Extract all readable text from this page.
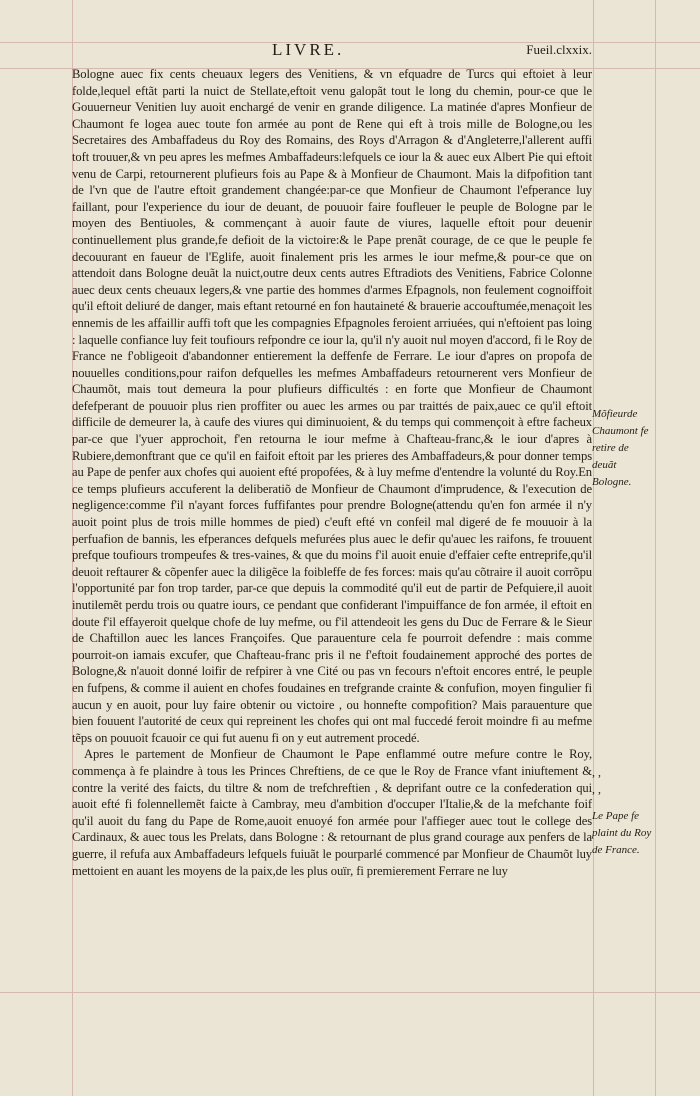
LIVRE.	Fueil.clxxix.

Bologne auec fix cents cheuaux legers des Venitiens, & vn efquadre de Turcs qui eftoiet à leur folde,lequel eftãt parti la nuict de Stellate,eftoit venu galopãt tout le long du chemin, pour-ce que le Gouuerneur Venitien luy auoit enchargé de venir en grande diligence. La matinée d'apres Monfieur de Chaumont fe logea auec toute fon armée au pont de Rene qui eft à trois mille de Bologne,ou les Secretaires des Ambaffadeus du Roy des Romains, des Roys d'Arragon & d'Angleterre,l'allerent auffi toft trouuer,& vn peu apres les mefmes Ambaffadeurs:lefquels ce iour la & auec eux Albert Pie qui eftoit venu de Carpi, retournerent plufieurs fois au Pape & à Monfieur de Chaumont. Mais la difpofition tant de l'vn que de l'autre eftoit grandement changée:par-ce que Monfieur de Chaumont l'efperance luy faillant, pour l'experience du iour de deuant, de pouuoir faire foufleuer le peuple de Bologne par le moyen des Bentiuoles, & commençant à auoir faute de viures, laquelle eftoit pour deuenir continuellement plus grande,fe defioit de la victoire:& le Pape prenãt courage, de ce que le peuple fe decouurant en faueur de l'Eglife, auoit finalement pris les armes le iour mefme,& pour-ce que on attendoit dans Bologne deuãt la nuict,outre deux cents autres Eftradiots des Venitiens, Fabrice Colonne auec deux cents cheuaux legers,& vne partie des hommes d'armes Efpagnols, non feulement cognoiffoit qu'il eftoit deliuré de danger, mais eftant retourné en fon hautaineté & brauerie accouftumée,menaçoit les ennemis de les affaillir auffi toft que les compagnies Efpagnoles feroient arriuées, qui n'eftoient pas loing : laquelle confiance luy feit toufiours refpondre ce iour la, qu'il n'y auoit nul moyen d'accord, fi le Roy de France ne f'obligeoit d'abandonner entierement la deffenfe de Ferrare. Le iour d'apres on propofa de nouuelles conditions,pour raifon defquelles les mefmes Ambaffadeurs retournerent vers Monfieur de Chaumõt, mais tout demeura la pour plufieurs difficultés : en forte que Monfieur de Chaumont defefperant de pouuoir plus rien proffiter ou auec les armes ou par traittés de paix,auec ce qu'il eftoit difficile de demeurer la, à caufe des viures qui diminuoient, & du temps qui commençoit à eftre facheux par-ce que l'yuer approchoit, f'en retourna le iour mefme à Chafteau-franc,& le iour d'apres à Rubiere,demonftrant que ce qu'il en faifoit eftoit par les prieres des Ambaffadeurs,& pour donner temps au Pape de penfer aux chofes qui auoient efté propofées, & à luy mefme d'entendre la volunté du Roy.En ce temps plufieurs accuferent la deliberatiõ de Monfieur de Chaumont d'imprudence, & l'execution de negligence:comme f'il n'ayant forces fuffifantes pour prendre Bologne(attendu qu'en fon armée il n'y auoit point plus de trois mille hommes de pied) c'euft efté vn confeil mal digeré de fe mouuoir à la perfuafion de bannis, les efperances defquels mefurées plus auec le defir qu'auec les raifons, fe trouuent prefque toufiours trompeufes & tres-vaines, & que du moins f'il auoit enuie d'effaier cefte entreprife,qu'il deuoit reftaurer & cõpenfer auec la diligẽce la foibleffe de fes forces: mais qu'au cõtraire il auoit corrõpu l'opportunité par fon trop tarder, par-ce que depuis la commodité qu'il eut de partir de Pefquiere,il auoit inutilemẽt perdu trois ou quatre iours, ce pendant que confiderant l'impuiffance de fon armée, il eftoit en doute f'il effayeroit quelque chofe de luy mefme, ou f'il attendeoit les gens du Duc de Ferrare & le Sieur de Chaftillon auec les lances Françoifes. Que parauenture cela fe pourroit defendre : mais comme pourroit-on iamais excufer, que Chafteau-franc pris il ne f'eftoit foudainement approché des portes de Bologne,& n'auoit donné loifir de refpirer à vne Cité ou pas vn fecours n'eftoit encores entré, le peuple en fufpens, & comme il auient en chofes foudaines en trefgrande crainte & confufion, moyen fingulier fi aucun y en auoit, pour luy faire obtenir ou victoire , ou honnefte compofition? Mais parauenture que bien fouuent l'autorité de ceux qui repreinent les chofes qui ont mal fuccedé feroit moindre fi au mefme tẽps on pouuoit fcauoir ce qui fut auenu fi on y eut autrement procedé.

Apres le partement de Monfieur de Chaumont le Pape enflammé outre mefure contre le Roy, commença à fe plaindre à tous les Princes Chreftiens, de ce que le Roy de France vfant iniuftement & contre la verité des faicts, du tiltre & nom de trefchreftien , & deprifant outre ce la confederation qui auoit efté fi folennellemẽt faicte à Cambray, meu d'ambition d'occuper l'Italie,& de la mefchante foif qu'il auoit du fang du Pape de Rome,auoit enuoyé fon armée pour l'affieger auec tout le college des Cardinaux, & auec tous les Prelats, dans Bologne : & retournant de plus grand courage aux penfers de la guerre, il refufa aux Ambaffadeurs lefquels fuiuãt le pourparlé commencé par Monfieur de Chaumõt luy mettoient en auant les moyens de la paix,de les plus ouïr, fi premierement Ferrare ne luy

Mõfieurde Chaumont fe retire de deuãt Bologne.
Le Pape fe plaint du Roy de France.
, ,
, ,
